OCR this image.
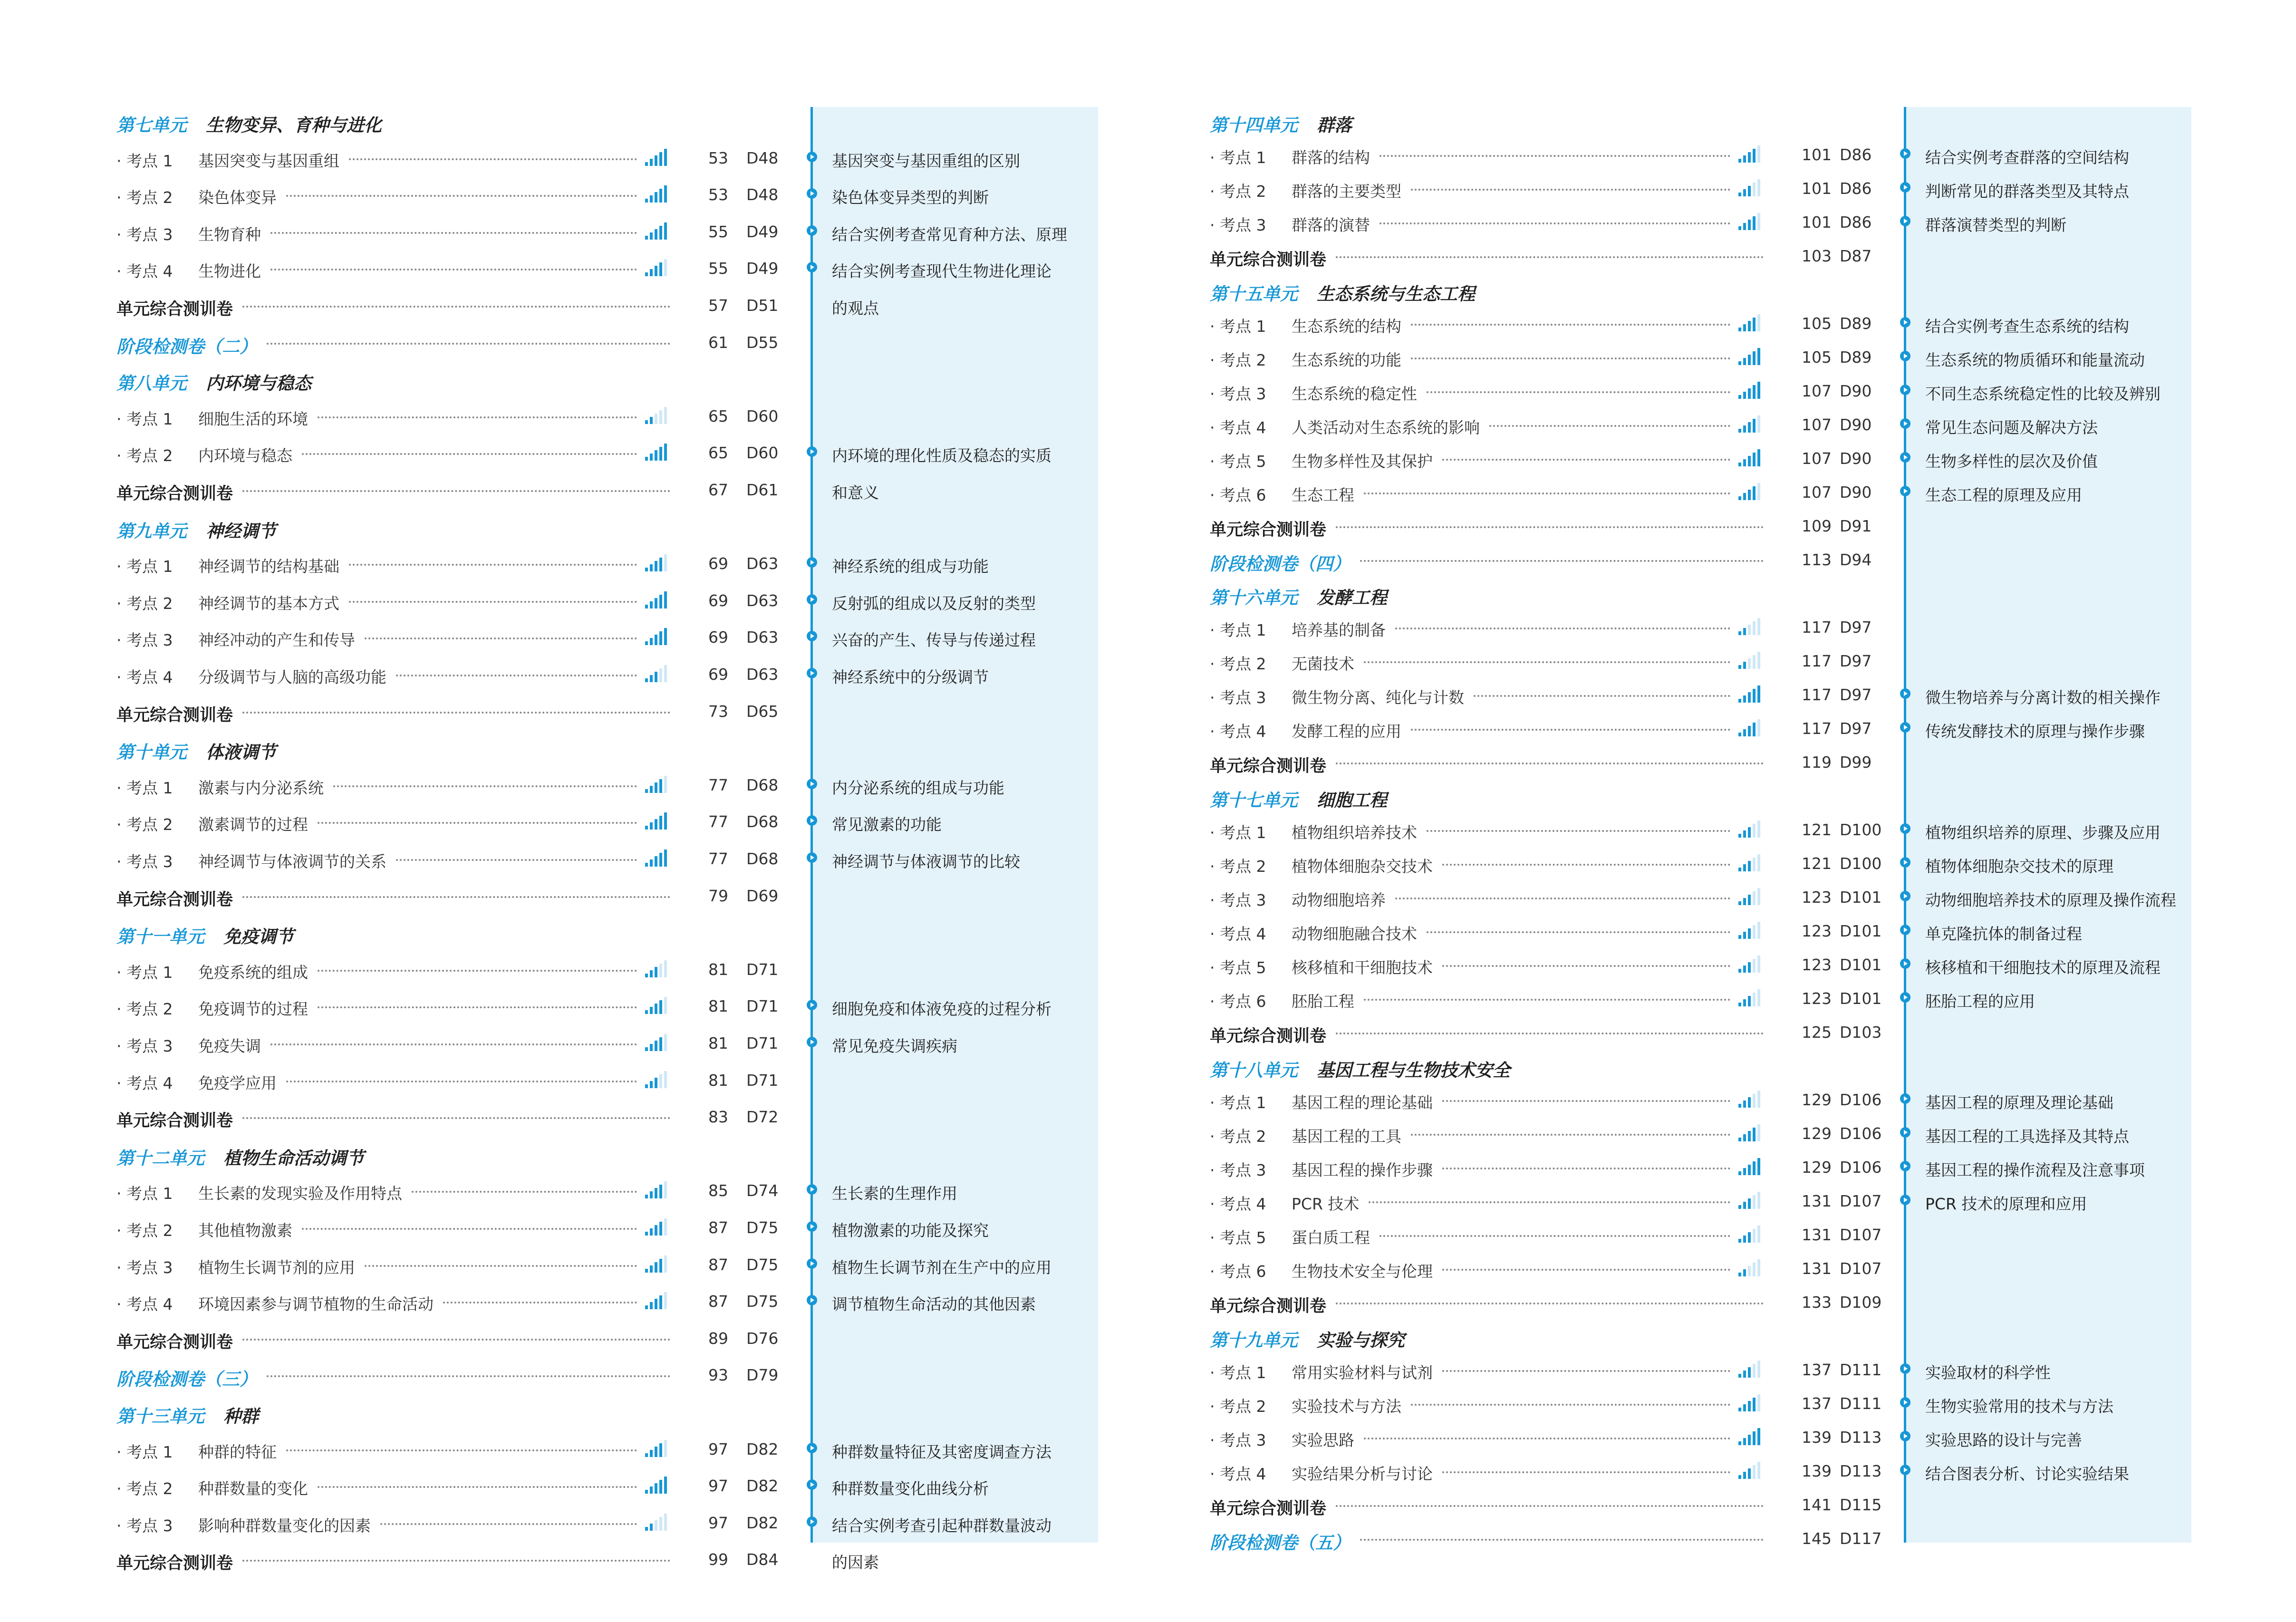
第七单元 生物变异、育种与进化
· 考点 1 基因突变与基因重组	53 D48	基因突变与基因重组的区别
· 考点 2 染色体变异	53 D48	染色体变异类型的判断
· 考点 3 生物育种	55 D49	结合实例考查常见育种方法、原理
· 考点 4 生物进化	55 D49	结合实例考查现代生物进化理论
的观点
单元综合测训卷	57 D51
阶段检测卷（二）	61 D55
第八单元 内环境与稳态
· 考点 1 细胞生活的环境	65 D60
· 考点 2 内环境与稳态	65 D60	内环境的理化性质及稳态的实质
和意义
单元综合测训卷	67 D61
第九单元 神经调节
· 考点 1 神经调节的结构基础	69 D63	神经系统的组成与功能
· 考点 2 神经调节的基本方式	69 D63	反射弧的组成以及反射的类型
· 考点 3 神经冲动的产生和传导	69 D63	兴奋的产生、传导与传递过程
· 考点 4 分级调节与人脑的高级功能	69 D63	神经系统中的分级调节
单元综合测训卷	73 D65
第十单元 体液调节
· 考点 1 激素与内分泌系统	77 D68	内分泌系统的组成与功能
· 考点 2 激素调节的过程	77 D68	常见激素的功能
· 考点 3 神经调节与体液调节的关系	77 D68	神经调节与体液调节的比较
单元综合测训卷	79 D69
第十一单元 免疫调节
· 考点 1 免疫系统的组成	81 D71
· 考点 2 免疫调节的过程	81 D71	细胞免疫和体液免疫的过程分析
· 考点 3 免疫失调	81 D71	常见免疫失调疾病
· 考点 4 免疫学应用	81 D71
单元综合测训卷	83 D72
第十二单元 植物生命活动调节
· 考点 1 生长素的发现实验及作用特点	85 D74	生长素的生理作用
· 考点 2 其他植物激素	87 D75	植物激素的功能及探究
· 考点 3 植物生长调节剂的应用	87 D75	植物生长调节剂在生产中的应用
· 考点 4 环境因素参与调节植物的生命活动	87 D75	调节植物生命活动的其他因素
单元综合测训卷	89 D76
阶段检测卷（三）	93 D79
第十三单元 种群
· 考点 1 种群的特征	97 D82	种群数量特征及其密度调查方法
· 考点 2 种群数量的变化	97 D82	种群数量变化曲线分析
· 考点 3 影响种群数量变化的因素	97 D82	结合实例考查引起种群数量波动
的因素
单元综合测训卷	99 D84
第十四单元 群落
· 考点 1 群落的结构	101 D86	结合实例考查群落的空间结构
· 考点 2 群落的主要类型	101 D86	判断常见的群落类型及其特点
· 考点 3 群落的演替	101 D86	群落演替类型的判断
单元综合测训卷	103 D87
第十五单元 生态系统与生态工程
· 考点 1 生态系统的结构	105 D89	结合实例考查生态系统的结构
· 考点 2 生态系统的功能	105 D89	生态系统的物质循环和能量流动
· 考点 3 生态系统的稳定性	107 D90	不同生态系统稳定性的比较及辨别
· 考点 4 人类活动对生态系统的影响	107 D90	常见生态问题及解决方法
· 考点 5 生物多样性及其保护	107 D90	生物多样性的层次及价值
· 考点 6 生态工程	107 D90	生态工程的原理及应用
单元综合测训卷	109 D91
阶段检测卷（四）	113 D94
第十六单元 发酵工程
· 考点 1 培养基的制备	117 D97
· 考点 2 无菌技术	117 D97
· 考点 3 微生物分离、纯化与计数	117 D97	微生物培养与分离计数的相关操作
· 考点 4 发酵工程的应用	117 D97	传统发酵技术的原理与操作步骤
单元综合测训卷	119 D99
第十七单元 细胞工程
· 考点 1 植物组织培养技术	121 D100	植物组织培养的原理、步骤及应用
· 考点 2 植物体细胞杂交技术	121 D100	植物体细胞杂交技术的原理
· 考点 3 动物细胞培养	123 D101	动物细胞培养技术的原理及操作流程
· 考点 4 动物细胞融合技术	123 D101	单克隆抗体的制备过程
· 考点 5 核移植和干细胞技术	123 D101	核移植和干细胞技术的原理及流程
· 考点 6 胚胎工程	123 D101	胚胎工程的应用
单元综合测训卷	125 D103
第十八单元 基因工程与生物技术安全
· 考点 1 基因工程的理论基础	129 D106	基因工程的原理及理论基础
· 考点 2 基因工程的工具	129 D106	基因工程的工具选择及其特点
· 考点 3 基因工程的操作步骤	129 D106	基因工程的操作流程及注意事项
· 考点 4 PCR 技术	131 D107	PCR 技术的原理和应用
· 考点 5 蛋白质工程	131 D107
· 考点 6 生物技术安全与伦理	131 D107
单元综合测训卷	133 D109
第十九单元 实验与探究
· 考点 1 常用实验材料与试剂	137 D111	实验取材的科学性
· 考点 2 实验技术与方法	137 D111	生物实验常用的技术与方法
· 考点 3 实验思路	139 D113	实验思路的设计与完善
· 考点 4 实验结果分析与讨论	139 D113	结合图表分析、讨论实验结果
单元综合测训卷	141 D115
阶段检测卷（五）	145 D117
